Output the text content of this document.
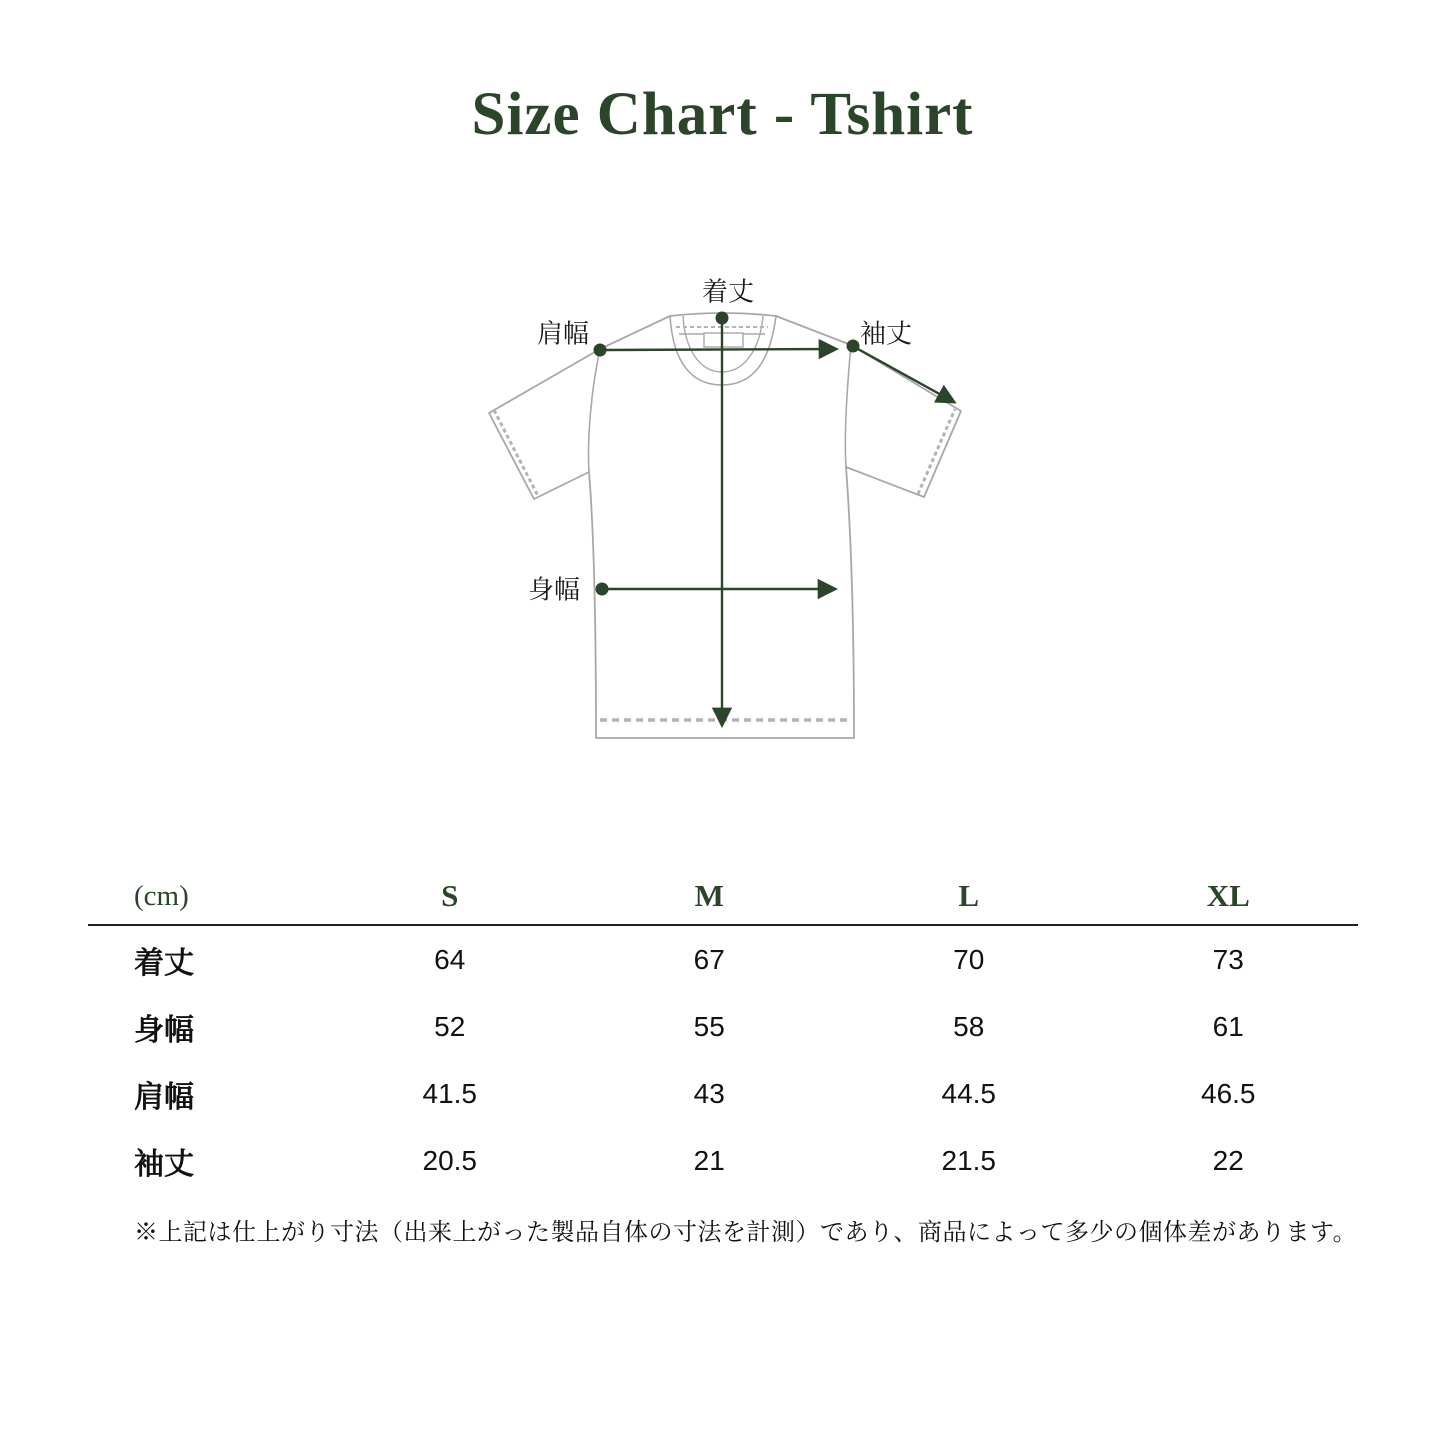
Size Chart - Tshirt
着丈
肩幅	袖丈
身幅
(cm)	S	M	L	XL
着丈	64	67	70	73
身幅	52	55	58	61
肩幅	41.5	43	44.5	46.5
袖丈	20.5	21	21.5	22
※上記は仕上がり寸法（出来上がった製品自体の寸法を計測）であり、商品によって多少の個体差があります。
